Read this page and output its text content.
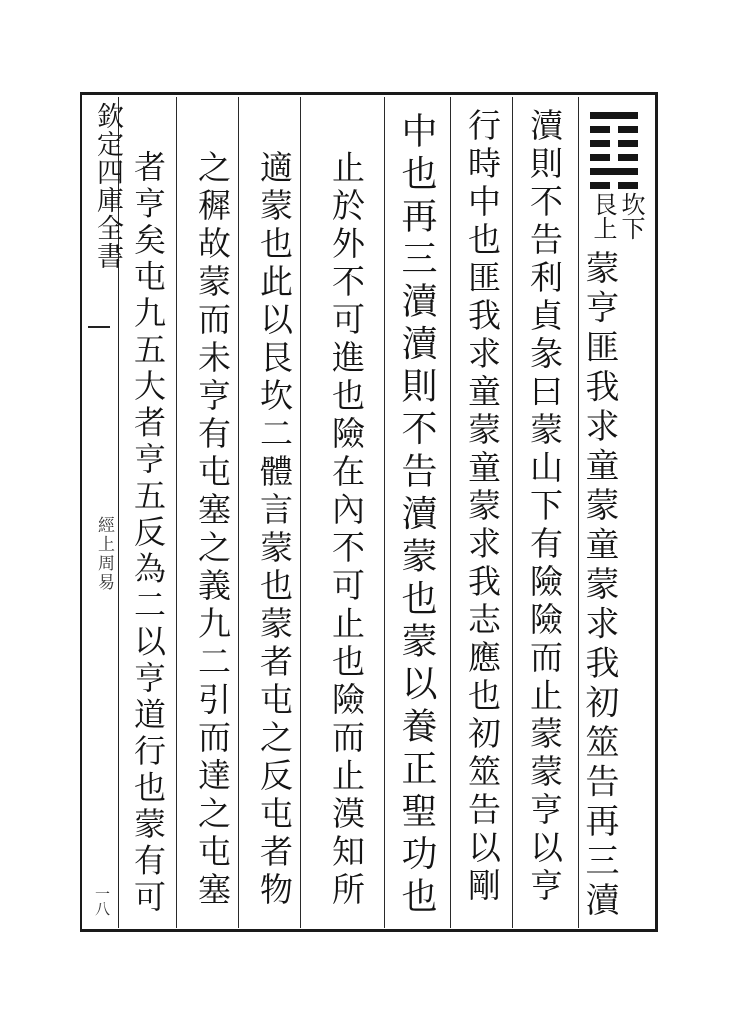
欽定四庫全書
經上周易
一八
坎下
艮上
蒙亨匪我求童蒙童蒙求我初筮告再三瀆
瀆則不告利貞彖曰蒙山下有險險而止蒙蒙亨以亨
行時中也匪我求童蒙童蒙求我志應也初筮告以剛
中也再三瀆瀆則不告瀆蒙也蒙以養正聖功也
止於外不可進也險在內不可止也險而止漠知所
適蒙也此以艮坎二體言蒙也蒙者屯之反屯者物
之穉故蒙而未亨有屯塞之義九二引而達之屯塞
者亨矣屯九五大者亨五反為二以亨道行也蒙有可
